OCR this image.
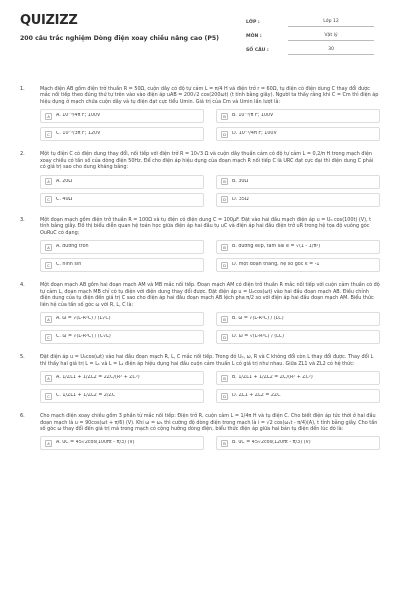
QUIZIZZ
200 câu trắc nghiệm Dòng điện xoay chiều nâng cao (P5)
LỚP :	Lớp 12
MÔN :	Vật lý
SỐ CÂU :	30
1.	Mạch điện AB gồm điện trở thuần R = 50Ω, cuộn dây có độ tự cảm L = π/4 H và điện trở r = 60Ω, tụ điện có điện dung C thay đổi được mắc nối tiếp theo đúng thứ tự trên vào vào điện áp uAB = 200√2 cos(200ωt) (t tính bằng giây). Người ta thấy rằng khi C = Cm thì điện áp hiệu dụng ở mạch chứa cuộn dây và tụ điện đạt cực tiểu Umin. Giá trị của Cm và Umin lần lượt là:
A	A. 10⁻³/4π F; 100V	B	B. 10⁻³/π F; 100V
C	C. 10⁻³/3π F; 120V	D	D. 10⁻³/4π F; 100V
2.	Một tụ điện C có điện dung thay đổi, nối tiếp với điện trở R = 10√3 Ω và cuộn dây thuần cảm có độ tự cảm L = 0,2/π H trong mạch điện xoay chiều có tần số của dòng điện 50Hz. Để cho điện áp hiệu dụng của đoạn mạch R nối tiếp C là URC đạt cực đại thì điện dung C phải có giá trị sao cho dung kháng bằng:
A	A. 20Ω	B	B. 30Ω
C	C. 40Ω	D	D. 35Ω
3.	Một đoạn mạch gồm điện trở thuần R = 100Ω và tụ điện có điện dung C = 100μF. Đặt vào hai đầu mạch điện áp u = U₀ cos(100t) (V), t tính bằng giây. Đồ thị biểu diễn quan hệ toán học giữa điện áp hai đầu tụ uC và điện áp hai đầu điện trở uR trong hệ tọa độ vuông góc OuRuC có dạng:
A	A. đường tròn	B	B. đường elip, tâm sai e = √(1 - 1/π²)
C	C. hình sin	D	D. một đoạn thẳng, hệ số góc k = -1
4.	Một đoạn mạch AB gồm hai đoạn mạch AM và MB mắc nối tiếp. Đoạn mạch AM có điện trở thuần R mắc nối tiếp với cuộn cảm thuần có độ tự cảm L, đoạn mạch MB chỉ có tụ điện với điện dung thay đổi được. Đặt điện áp u = U₀cos(ωt) vào hai đầu đoạn mạch AB. Điều chỉnh điện dung của tụ điện đến giá trị C sao cho điện áp hai đầu đoạn mạch AB lệch pha π/2 so với điện áp hai đầu đoạn mạch AM. Biểu thức liên hệ của tần số góc ω với R, L, C là:
A	A. ω = √(L-R²C) / (L√C)	B	B. ω = √(L-R²C) / (LC)
C	C. ω = √(L-R²C) / (C√L)	D	D. ω = √(L-R²C) / (LC)
5.	Đặt điện áp u = U₀cos(ωt) vào hai đầu đoạn mạch R, L, C mắc nối tiếp. Trong đó U₀, ω, R và C không đổi còn L thay đổi được. Thay đổi L thì thấy hai giá trị L = L₁ và L = L₂ điện áp hiệu dụng hai đầu cuộn cảm thuần L có giá trị như nhau. Giữa ZL1 và ZL2 có hệ thức:
A	A. 1/ZL1 + 1/ZL2 = 2ZC/(R² + ZC²)	B	B. 1/ZL1 + 1/ZL2 = ZC/(R² + ZC²)
C	C. 1/ZL1 + 1/ZL2 = 2/ZC	D	D. ZL1 + ZL2 = 2ZC
6.	Cho mạch điện xoay chiều gồm 3 phần tử mắc nối tiếp: Điện trở R, cuộn cảm L = 1/4π H và tụ điện C. Cho biết điện áp tức thời ở hai đầu đoạn mạch là u = 90cos(ωt + π/6) (V). Khi ω = ω₁ thì cường độ dòng điện trong mạch là i = √2 cos(ω₁t - π/4)(A), t tính bằng giây. Cho tần số góc ω thay đổi đến giá trị mà trong mạch có cộng hưởng dòng điện, biểu thức điện áp giữa hai bản tụ điện đến lúc đó là:
A	A. uC = 45√2cos(100πt - π/3) (V)	B	B. uC = 45√2cos(120πt - π/3) (V)
